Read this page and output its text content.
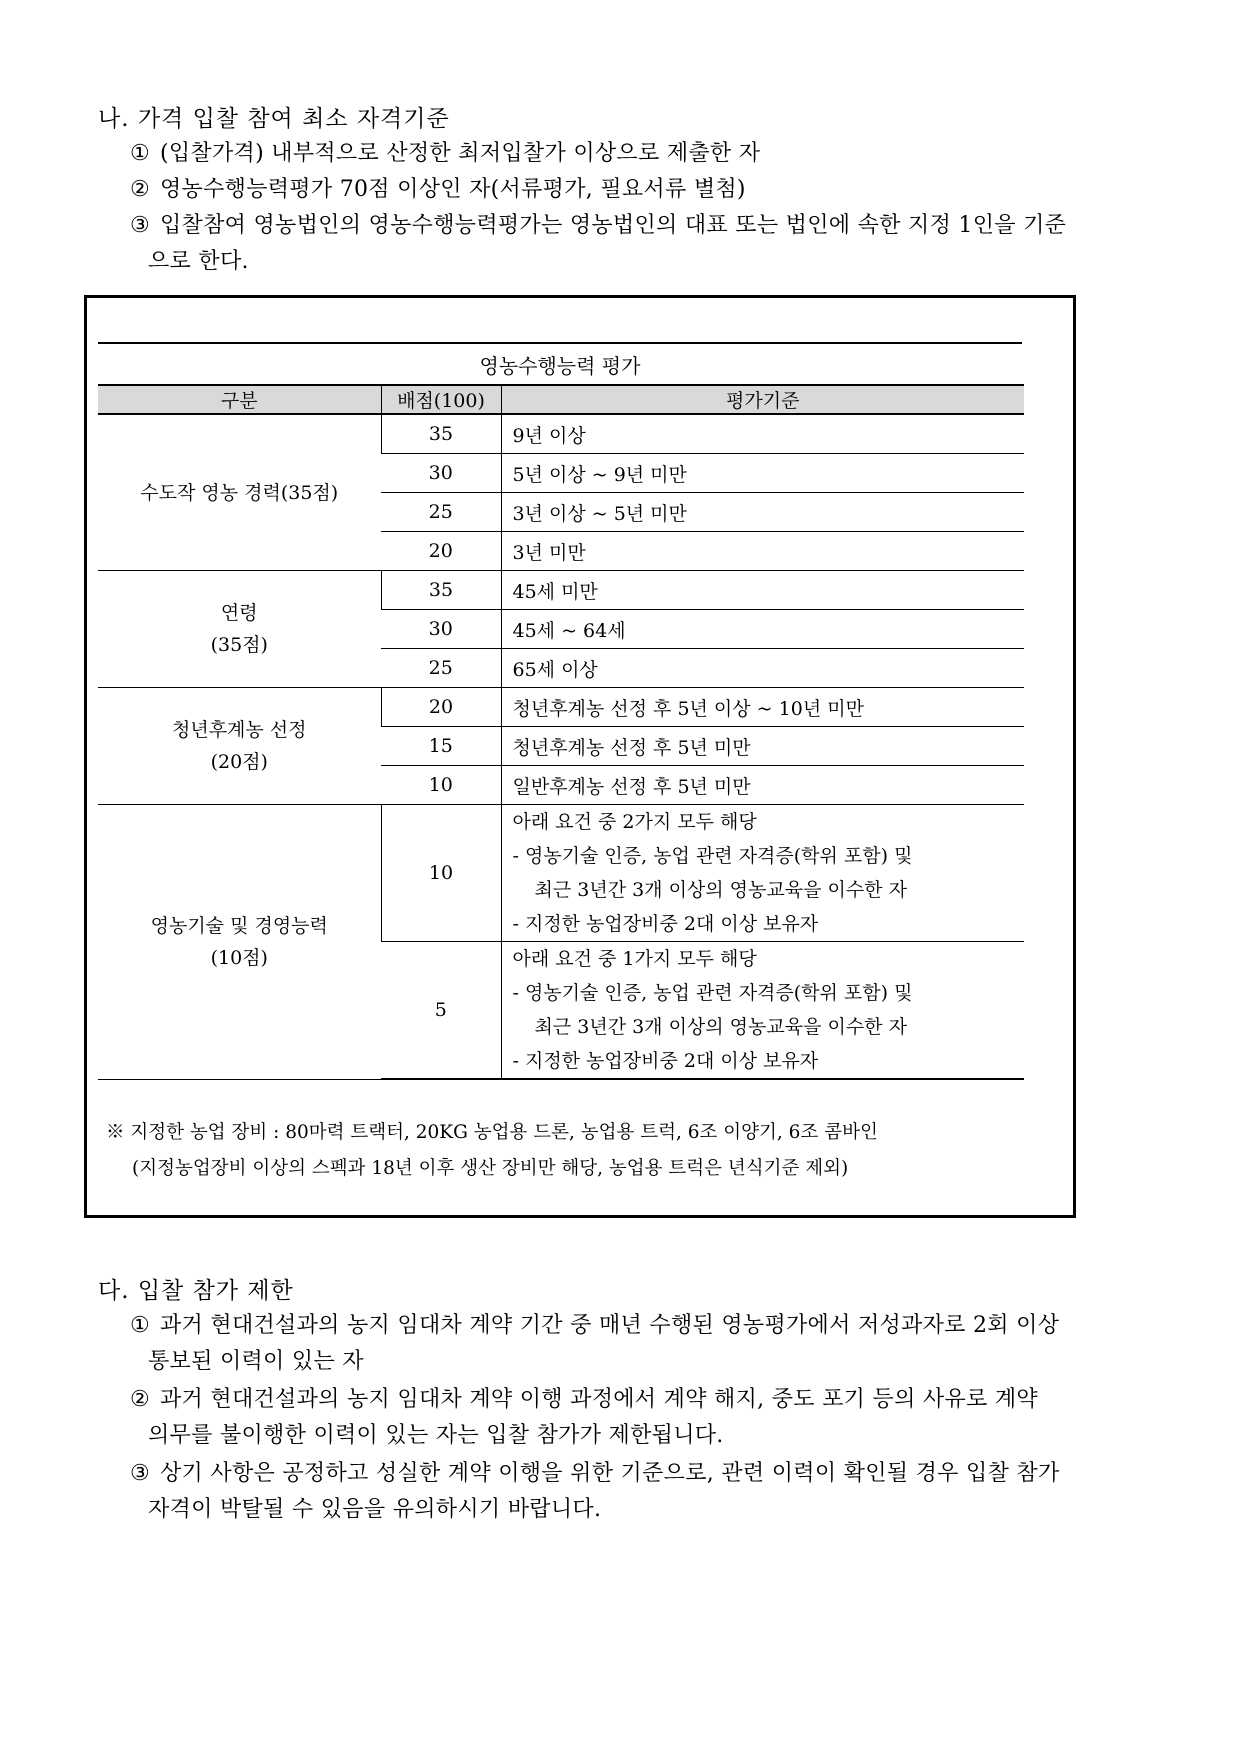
나. 가격 입찰 참여 최소 자격기준
① (입찰가격) 내부적으로 산정한 최저입찰가 이상으로 제출한 자
② 영농수행능력평가 70점 이상인 자(서류평가, 필요서류 별첨)
③ 입찰참여 영농법인의 영농수행능력평가는 영농법인의 대표 또는 법인에 속한 지정 1인을 기준
으로 한다.
영농수행능력 평가
구분	배점(100)	평가기준
수도작 영농 경력(35점)	35	9년 이상
	30	5년 이상 ~ 9년 미만
	25	3년 이상 ~ 5년 미만
	20	3년 미만
연령
(35점)	35	45세 미만
	30	45세 ~ 64세
	25	65세 이상
청년후계농 선정
(20점)	20	청년후계농 선정 후 5년 이상 ~ 10년 미만
	15	청년후계농 선정 후 5년 미만
	10	일반후계농 선정 후 5년 미만
영농기술 및 경영능력
(10점)	10	아래 요건 중 2가지 모두 해당
- 영농기술 인증, 농업 관련 자격증(학위 포함) 및
최근 3년간 3개 이상의 영농교육을 이수한 자
- 지정한 농업장비중 2대 이상 보유자
	5	아래 요건 중 1가지 모두 해당
- 영농기술 인증, 농업 관련 자격증(학위 포함) 및
최근 3년간 3개 이상의 영농교육을 이수한 자
- 지정한 농업장비중 2대 이상 보유자
※ 지정한 농업 장비 : 80마력 트랙터, 20KG 농업용 드론, 농업용 트럭, 6조 이양기, 6조 콤바인
(지정농업장비 이상의 스펙과 18년 이후 생산 장비만 해당, 농업용 트럭은 년식기준 제외)
다. 입찰 참가 제한
① 과거 현대건설과의 농지 임대차 계약 기간 중 매년 수행된 영농평가에서 저성과자로 2회 이상
통보된 이력이 있는 자
② 과거 현대건설과의 농지 임대차 계약 이행 과정에서 계약 해지, 중도 포기 등의 사유로 계약
의무를 불이행한 이력이 있는 자는 입찰 참가가 제한됩니다.
③ 상기 사항은 공정하고 성실한 계약 이행을 위한 기준으로, 관련 이력이 확인될 경우 입찰 참가
자격이 박탈될 수 있음을 유의하시기 바랍니다.
